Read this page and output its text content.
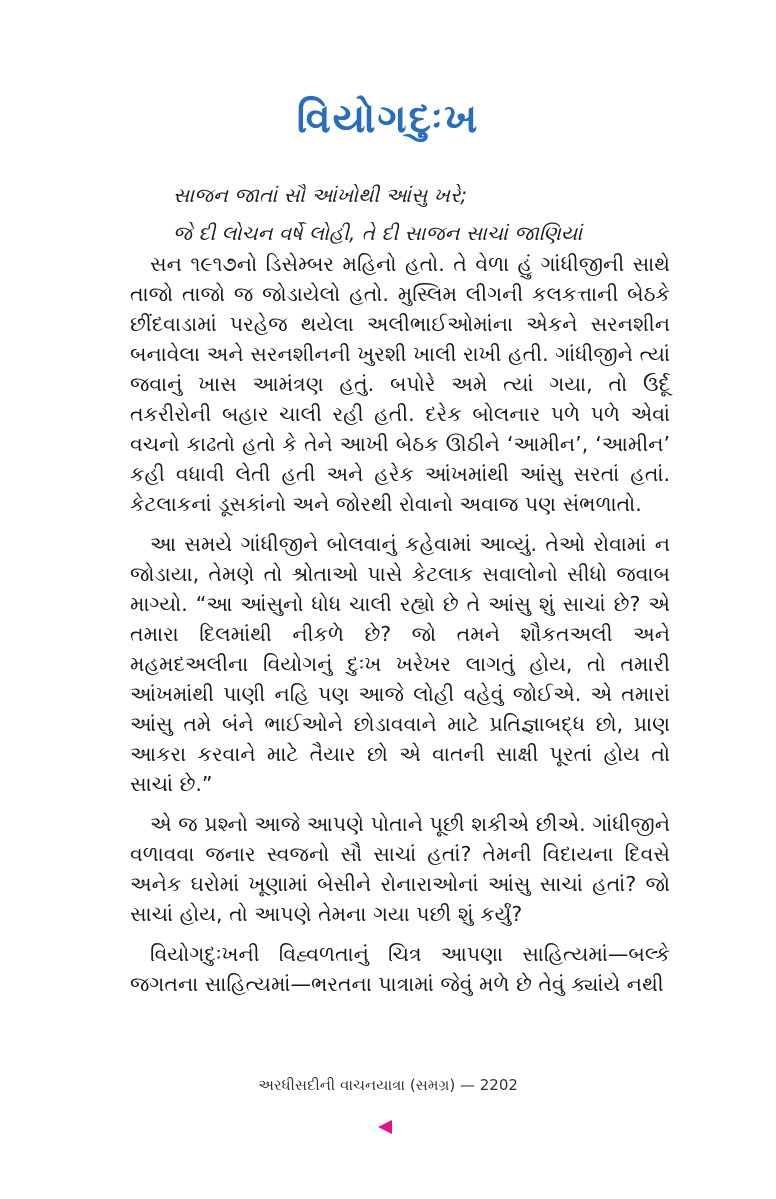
વિયોગદુઃખ
સાજન જાતાં સૌ આંખોથી આંસુ ખરે;
જે દી લોચન વર્ષે લોહી, તે દી સાજન સાચાં જાણિયાં

સન ૧૯૧૭નો ડિસેમ્બર મહિનો હતો. તે વેળા હું ગાંધીજીની સાથે તાજો તાજો જ જોડાયેલો હતો. મુસ્લિમ લીગની કલકત્તાની બેઠકે છીંદવાડામાં પરહેજ થયેલા અલીભાઈઓમાંના એકને સરનશીન બનાવેલા અને સરનશીનની ખુરશી ખાલી રાખી હતી. ગાંધીજીને ત્યાં જવાનું ખાસ આમંત્રણ હતું. બપોરે અમે ત્યાં ગયા, તો ઉર્દૂ તકરીરોની બહાર ચાલી રહી હતી. દરેક બોલનાર પળે પળે એવાં વચનો કાઢતો હતો કે તેને આખી બેઠક ઊઠીને ‘આમીન’, ‘આમીન’ કહી વધાવી લેતી હતી અને હરેક આંખમાંથી આંસુ સરતાં હતાં. કેટલાકનાં ડૂસકાંનો અને જોરથી રોવાનો અવાજ પણ સંભળાતો.

આ સમયે ગાંધીજીને બોલવાનું કહેવામાં આવ્યું. તેઓ રોવામાં ન જોડાયા, તેમણે તો શ્રોતાઓ પાસે કેટલાક સવાલોનો સીધો જવાબ માગ્યો. “આ આંસુનો ધોધ ચાલી રહ્યો છે તે આંસુ શું સાચાં છે? એ તમારા દિલમાંથી નીકળે છે? જો તમને શૌકતઅલી અને મહમદઅલીના વિયોગનું દુઃખ ખરેખર લાગતું હોય, તો તમારી આંખમાંથી પાણી નહિ પણ આજે લોહી વહેવું જોઈએ. એ તમારાં આંસુ તમે બંને ભાઈઓને છોડાવવાને માટે પ્રતિજ્ઞાબદ્ધ છો, પ્રાણ આકરા કરવાને માટે તૈયાર છો એ વાતની સાક્ષી પૂરતાં હોય તો સાચાં છે.”

એ જ પ્રશ્નો આજે આપણે પોતાને પૂછી શકીએ છીએ. ગાંધીજીને વળાવવા જનાર સ્વજનો સૌ સાચાં હતાં? તેમની વિદાયના દિવસે અનેક ઘરોમાં ખૂણામાં બેસીને રોનારાઓનાં આંસુ સાચાં હતાં? જો સાચાં હોય, તો આપણે તેમના ગયા પછી શું કર્યું?

વિયોગદુઃખની વિહ્વળતાનું ચિત્ર આપણા સાહિત્યમાં—બલ્કે જગતના સાહિત્યમાં—ભરતના પાત્રામાં જેવું મળે છે તેવું ક્યાંયે નથી

અરધીસદીની વાચનયાત્રા (સમગ્ર) — 2202
